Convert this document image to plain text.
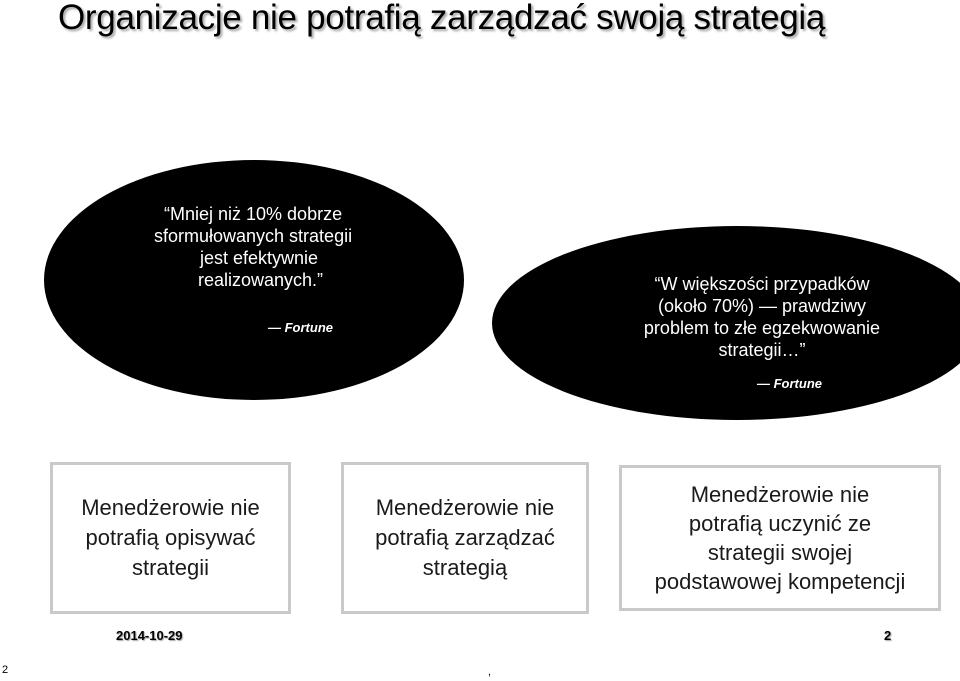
Organizacje nie potrafią zarządzać swoją strategią
“Mniej niż 10% dobrze
sformułowanych strategii
jest efektywnie
realizowanych.”
— Fortune
“W większości przypadków
(około 70%) — prawdziwy
problem to złe egzekwowanie
strategii…”
— Fortune
Menedżerowie nie
potrafią opisywać
strategii
Menedżerowie nie
potrafią zarządzać
strategią
Menedżerowie nie
potrafią uczynić ze
strategii swojej
podstawowej kompetencji
2014-10-29	2
2	,
